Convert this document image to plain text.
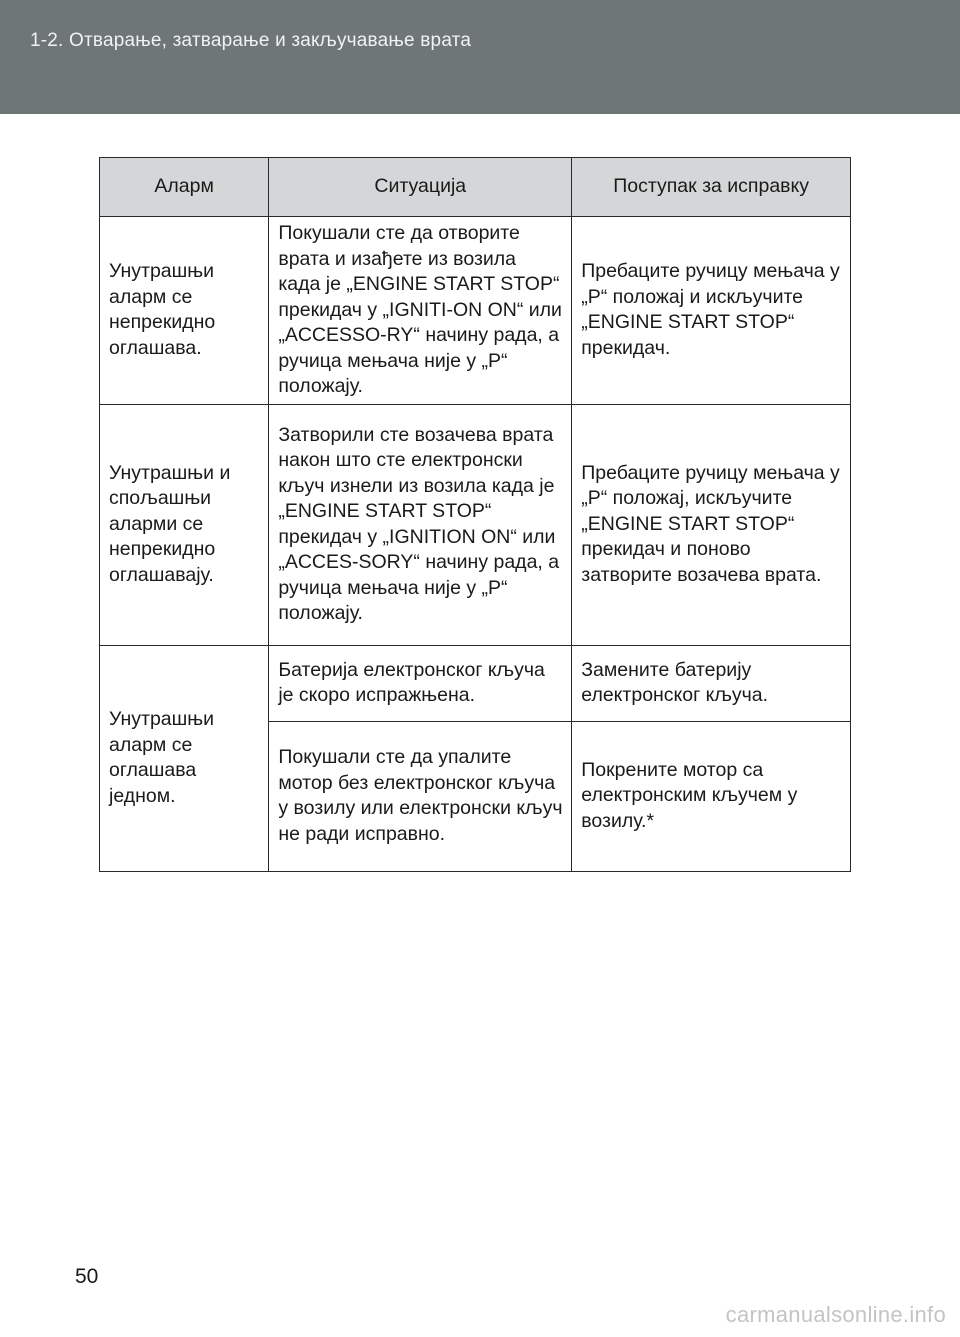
1-2. Отварање, затварање и закључавање врата
Аларм	Ситуација	Поступак за исправку
Унутрашњи аларм се непрекидно оглашава.	Покушали сте да отворите врата и изађете из возила када је „ENGINE START STOP“ прекидач у „IGNITI-ON ON“ или „ACCESSO-RY“ начину рада, а ручица мењача није у „P“ положају.	Пребаците ручицу мењача у „P“ положај и искључите „ENGINE START STOP“ прекидач.
Унутрашњи и спољашњи аларми се непрекидно оглашавају.	Затворили сте возачева врата након што сте електронски кључ изнели из возила када је „ENGINE START STOP“ прекидач у „IGNITION ON“ или „ACCES-SORY“ начину рада, а ручица мењача није у „P“ положају.	Пребаците ручицу мењача у „P“ положај, искључите „ENGINE START STOP“ прекидач и поново затворите возачева врата.
Унутрашњи аларм се оглашава једном.	Батерија електронског кључа је скоро испражњена.	Замените батерију електронског кључа.
	Покушали сте да упалите мотор без електронског кључа у возилу или електронски кључ не ради исправно.	Покрените мотор са електронским кључем у возилу.*
50
carmanualsonline.info
